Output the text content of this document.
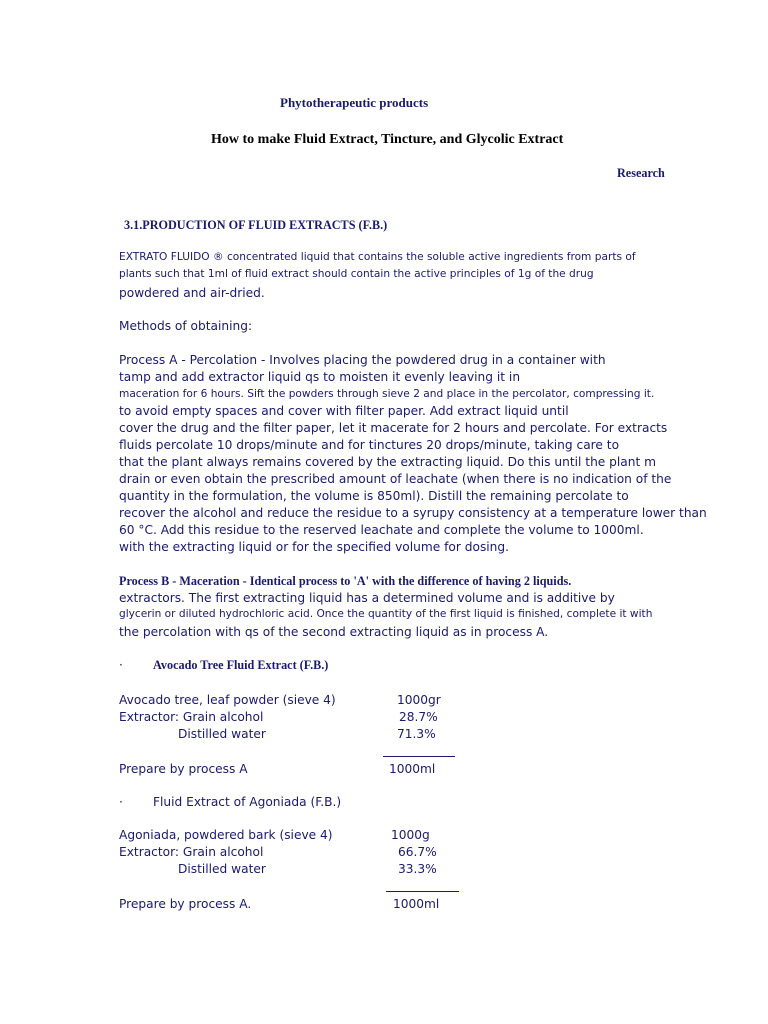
Phytotherapeutic products
How to make Fluid Extract, Tincture, and Glycolic Extract
Research
3.1.PRODUCTION OF FLUID EXTRACTS (F.B.)
EXTRATO FLUIDO ® concentrated liquid that contains the soluble active ingredients from parts of
plants such that 1ml of fluid extract should contain the active principles of 1g of the drug
powdered and air-dried.
Methods of obtaining:
Process A - Percolation - Involves placing the powdered drug in a container with
tamp and add extractor liquid qs to moisten it evenly leaving it in
maceration for 6 hours. Sift the powders through sieve 2 and place in the percolator, compressing it.
to avoid empty spaces and cover with filter paper. Add extract liquid until
cover the drug and the filter paper, let it macerate for 2 hours and percolate. For extracts
fluids percolate 10 drops/minute and for tinctures 20 drops/minute, taking care to
that the plant always remains covered by the extracting liquid. Do this until the plant m
drain or even obtain the prescribed amount of leachate (when there is no indication of the
quantity in the formulation, the volume is 850ml). Distill the remaining percolate to
recover the alcohol and reduce the residue to a syrupy consistency at a temperature lower than
60 °C. Add this residue to the reserved leachate and complete the volume to 1000ml.
with the extracting liquid or for the specified volume for dosing.
Process B - Maceration - Identical process to 'A' with the difference of having 2 liquids.
extractors. The first extracting liquid has a determined volume and is additive by
glycerin or diluted hydrochloric acid. Once the quantity of the first liquid is finished, complete it with
the percolation with qs of the second extracting liquid as in process A.
· Avocado Tree Fluid Extract (F.B.)
Avocado tree, leaf powder (sieve 4)	1000gr
Extractor: Grain alcohol	28.7%
Distilled water	71.3%
Prepare by process A	1000ml
· Fluid Extract of Agoniada (F.B.)
Agoniada, powdered bark (sieve 4)	1000g
Extractor: Grain alcohol	66.7%
Distilled water	33.3%
Prepare by process A.	1000ml
